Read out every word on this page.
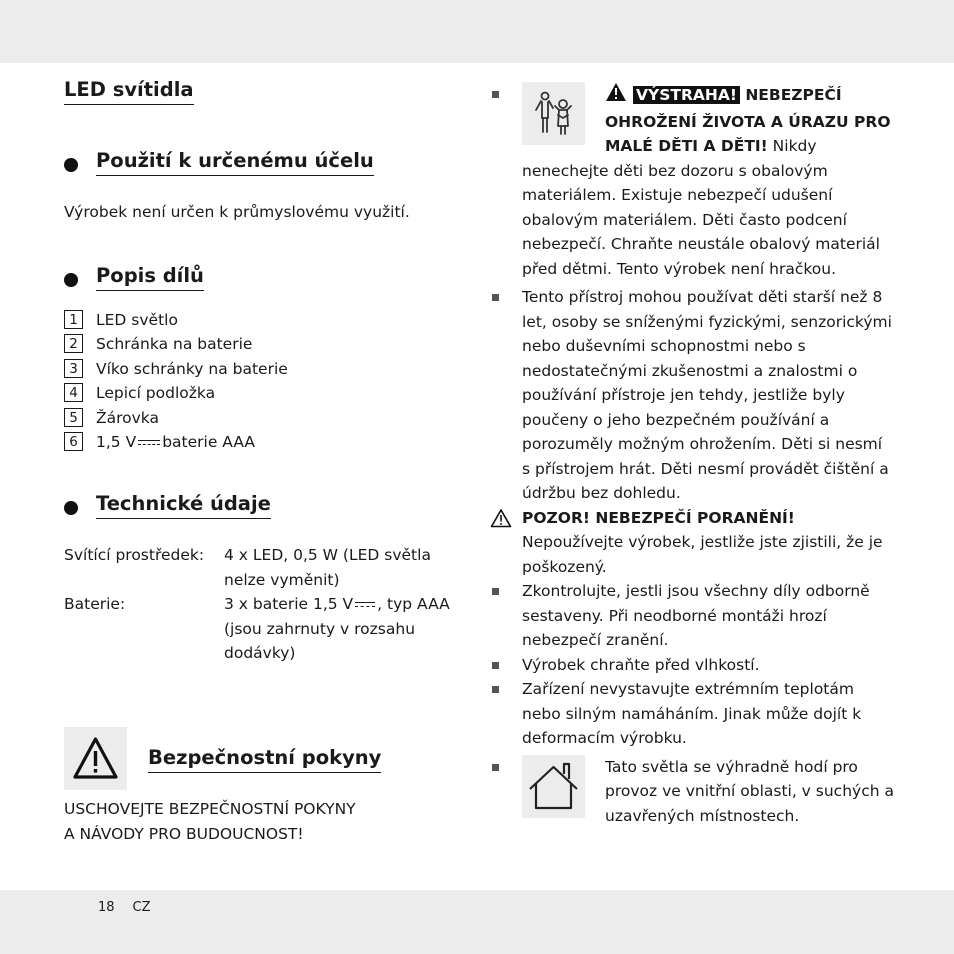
LED svítidla
Použití k určenému účelu
Výrobek není určen k průmyslovému využití.
Popis dílů
1	LED světlo
2	Schránka na baterie
3	Víko schránky na baterie
4	Lepicí podložka
5	Žárovka
6	1,5 V baterie AAA
Technické údaje
Svítící prostředek:	4 x LED, 0,5 W (LED světla nelze vyměnit)
Baterie:	3 x baterie 1,5 V , typ AAA (jsou zahrnuty v rozsahu dodávky)
Bezpečnostní pokyny
USCHOVEJTE BEZPEČNOSTNÍ POKYNY
A NÁVODY PRO BUDOUCNOST!
VÝSTRAHA! NEBEZPEČÍ OHROŽENÍ ŽIVOTA A ÚRAZU PRO MALÉ DĚTI A DĚTI! Nikdy nenechejte děti bez dozoru s obalovým materiálem. Existuje nebezpečí udušení obalovým materiálem. Děti často podcení nebezpečí. Chraňte neustále obalový materiál před dětmi. Tento výrobek není hračkou.
Tento přístroj mohou používat děti starší než 8 let, osoby se sníženými fyzickými, senzorickými nebo duševními schopnostmi nebo s nedostatečnými zkušenostmi a znalostmi o používání přístroje jen tehdy, jestliže byly poučeny o jeho bezpečném používání a porozuměly možným ohrožením. Děti si nesmí s přístrojem hrát. Děti nesmí provádět čištění a údržbu bez dohledu.
POZOR! NEBEZPEČÍ PORANĚNÍ! Nepoužívejte výrobek, jestliže jste zjistili, že je poškozený.
Zkontrolujte, jestli jsou všechny díly odborně sestaveny. Při neodborné montáži hrozí nebezpečí zranění.
Výrobek chraňte před vlhkostí.
Zařízení nevystavujte extrémním teplotám nebo silným namáháním. Jinak může dojít k deformacím výrobku.
Tato světla se výhradně hodí pro provoz ve vnitřní oblasti, v suchých a uzavřených místnostech.
18 CZ
